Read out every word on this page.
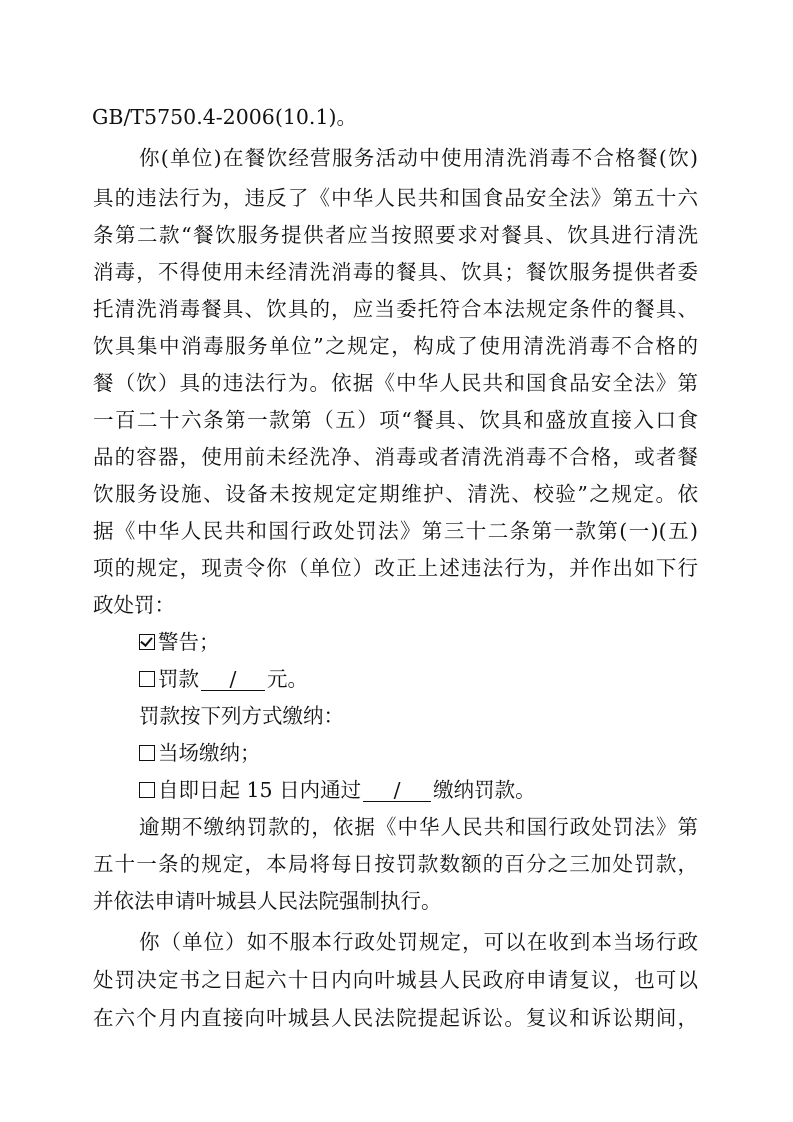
GB/T5750.4-2006(10.1)。
你(单位)在餐饮经营服务活动中使用清洗消毒不合格餐(饮)
具的违法行为，违反了《中华人民共和国食品安全法》第五十六
条第二款“餐饮服务提供者应当按照要求对餐具、饮具进行清洗
消毒，不得使用未经清洗消毒的餐具、饮具；餐饮服务提供者委
托清洗消毒餐具、饮具的，应当委托符合本法规定条件的餐具、
饮具集中消毒服务单位”之规定，构成了使用清洗消毒不合格的
餐（饮）具的违法行为。依据《中华人民共和国食品安全法》第
一百二十六条第一款第（五）项“餐具、饮具和盛放直接入口食
品的容器，使用前未经洗净、消毒或者清洗消毒不合格，或者餐
饮服务设施、设备未按规定定期维护、清洗、校验”之规定。依
据《中华人民共和国行政处罚法》第三十二条第一款第(一)(五)
项的规定，现责令你（单位）改正上述违法行为，并作出如下行
政处罚：
警告；
罚款 / 元。
罚款按下列方式缴纳：
当场缴纳；
自即日起 15 日内通过 / 缴纳罚款。
逾期不缴纳罚款的，依据《中华人民共和国行政处罚法》第
五十一条的规定，本局将每日按罚款数额的百分之三加处罚款，
并依法申请叶城县人民法院强制执行。
你（单位）如不服本行政处罚规定，可以在收到本当场行政
处罚决定书之日起六十日内向叶城县人民政府申请复议，也可以
在六个月内直接向叶城县人民法院提起诉讼。复议和诉讼期间，
